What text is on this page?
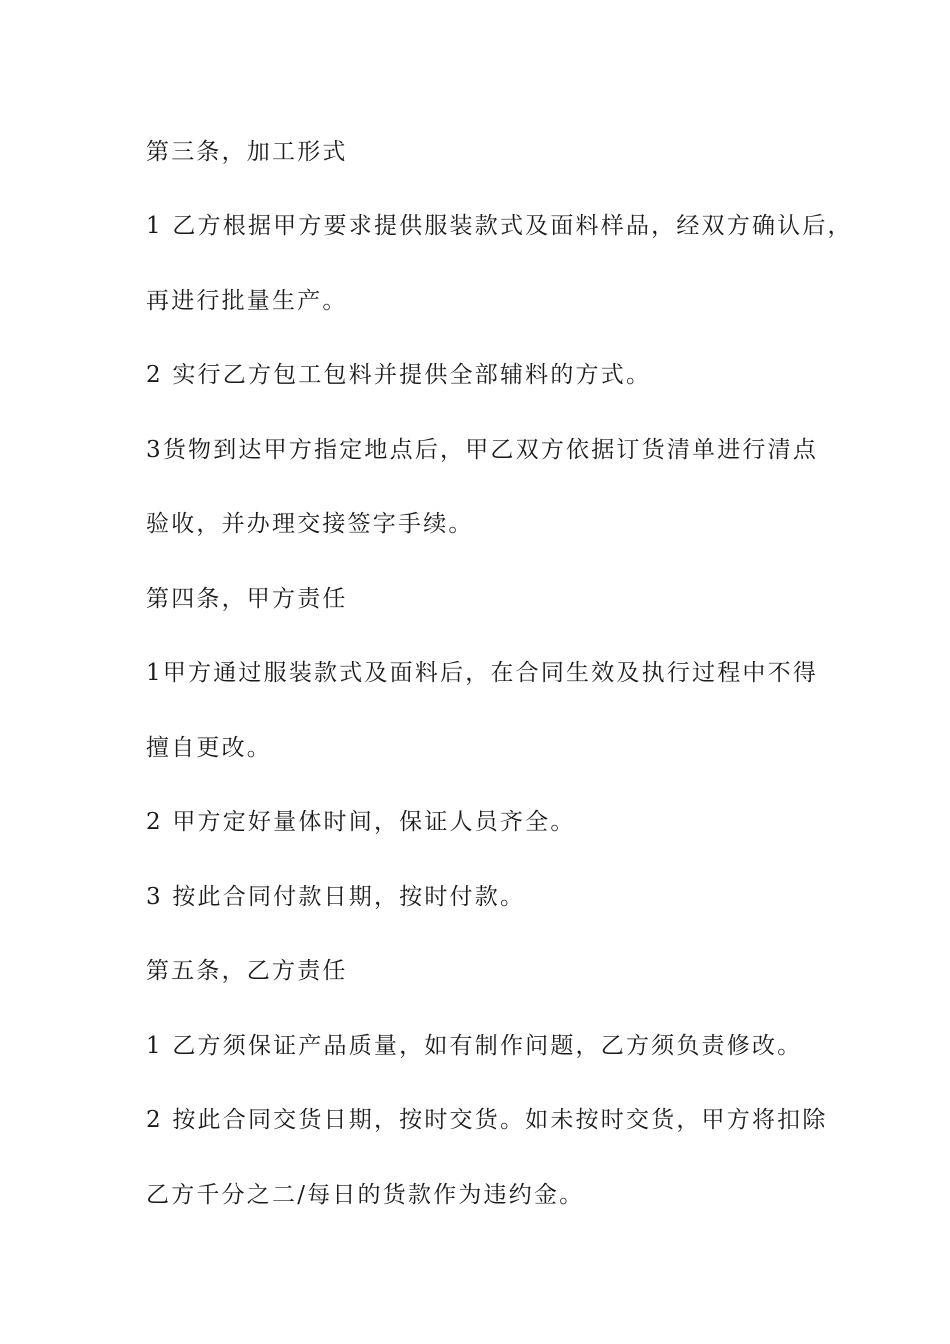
第三条，加工形式

1 乙方根据甲方要求提供服装款式及面料样品，经双方确认后，

再进行批量生产。

2 实行乙方包工包料并提供全部辅料的方式。

3货物到达甲方指定地点后，甲乙双方依据订货清单进行清点

验收，并办理交接签字手续。

第四条，甲方责任

1甲方通过服装款式及面料后，在合同生效及执行过程中不得

擅自更改。

2 甲方定好量体时间，保证人员齐全。

3 按此合同付款日期，按时付款。

第五条，乙方责任

1 乙方须保证产品质量，如有制作问题，乙方须负责修改。

2 按此合同交货日期，按时交货。如未按时交货，甲方将扣除

乙方千分之二/每日的货款作为违约金。
